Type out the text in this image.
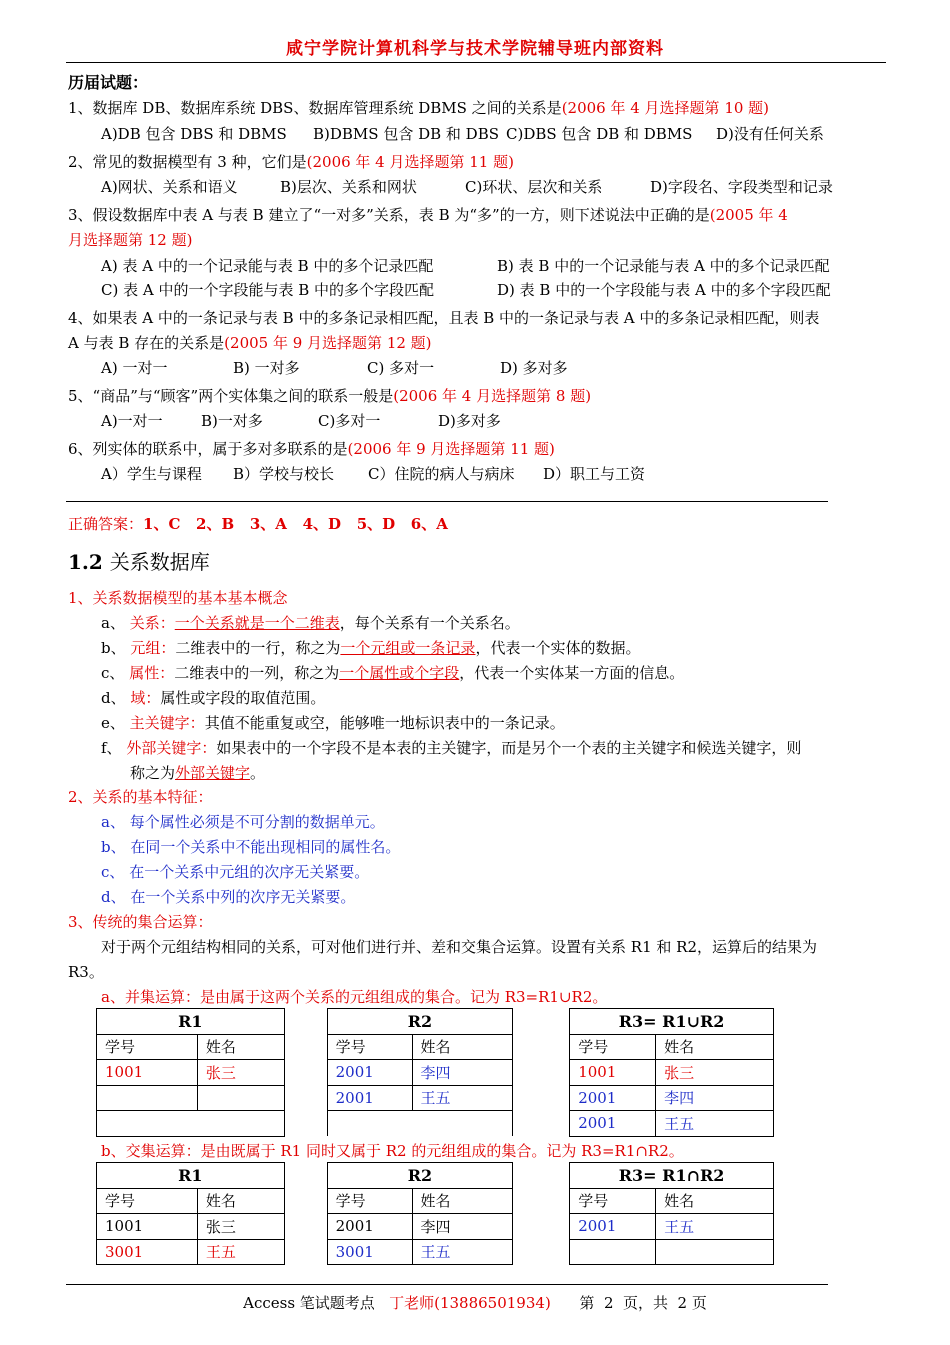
咸宁学院计算机科学与技术学院辅导班内部资料
历届试题：
1、数据库 DB、数据库系统 DBS、数据库管理系统 DBMS 之间的关系是(2006 年 4 月选择题第 10 题)
A)DB 包含 DBS 和 DBMS B)DBMS 包含 DB 和 DBS C)DBS 包含 DB 和 DBMS D)没有任何关系
2、常见的数据模型有 3 种，它们是(2006 年 4 月选择题第 11 题)
A)网状、关系和语义	B)层次、关系和网状	C)环状、层次和关系	D)字段名、字段类型和记录
3、假设数据库中表 A 与表 B 建立了“一对多”关系，表 B 为“多”的一方，则下述说法中正确的是(2005 年 4
月选择题第 12 题)
A) 表 A 中的一个记录能与表 B 中的多个记录匹配	B) 表 B 中的一个记录能与表 A 中的多个记录匹配
C) 表 A 中的一个字段能与表 B 中的多个字段匹配	D) 表 B 中的一个字段能与表 A 中的多个字段匹配
4、如果表 A 中的一条记录与表 B 中的多条记录相匹配，且表 B 中的一条记录与表 A 中的多条记录相匹配，则表
A 与表 B 存在的关系是(2005 年 9 月选择题第 12 题)
A) 一对一	B) 一对多	C) 多对一	D) 多对多
5、“商品”与“顾客”两个实体集之间的联系一般是(2006 年 4 月选择题第 8 题)
A)一对一	B)一对多	C)多对一	D)多对多
6、列实体的联系中，属于多对多联系的是(2006 年 9 月选择题第 11 题)
A）学生与课程 B）学校与校长 C）住院的病人与病床 D）职工与工资
正确答案：1、C   2、B   3、A   4、D   5、D   6、A
1.2 关系数据库
1、关系数据模型的基本基本概念
a、 关系：一个关系就是一个二维表，每个关系有一个关系名。
b、 元组：二维表中的一行，称之为一个元组或一条记录，代表一个实体的数据。
c、 属性：二维表中的一列，称之为一个属性或个字段，代表一个实体某一方面的信息。
d、 域：属性或字段的取值范围。
e、 主关键字：其值不能重复或空，能够唯一地标识表中的一条记录。
f、 外部关键字：如果表中的一个字段不是本表的主关键字，而是另个一个表的主关键字和候选关键字，则
称之为外部关键字。
2、关系的基本特征：
a、 每个属性必须是不可分割的数据单元。
b、 在同一个关系中不能出现相同的属性名。
c、 在一个关系中元组的次序无关紧要。
d、 在一个关系中列的次序无关紧要。
3、传统的集合运算：
对于两个元组结构相同的关系，可对他们进行并、差和交集合运算。设置有关系 R1 和 R2，运算后的结果为
R3。
a、并集运算：是由属于这两个关系的元组组成的集合。记为 R3=R1∪R2。
R1			R2			R3= R1∪R2	
学号	姓名		学号	姓名		学号	姓名
1001	张三		2001	李四		1001	张三
			2001	王五		2001	李四
						2001	王五
b、交集运算：是由既属于 R1 同时又属于 R2 的元组组成的集合。记为 R3=R1∩R2。
R1			R2			R3= R1∩R2	
学号	姓名		学号	姓名		学号	姓名
1001	张三		2001	李四		2001	王五
3001	王五		3001	王五			
Access 笔试题考点 丁老师(13886501934) 第  2  页，共  2 页
